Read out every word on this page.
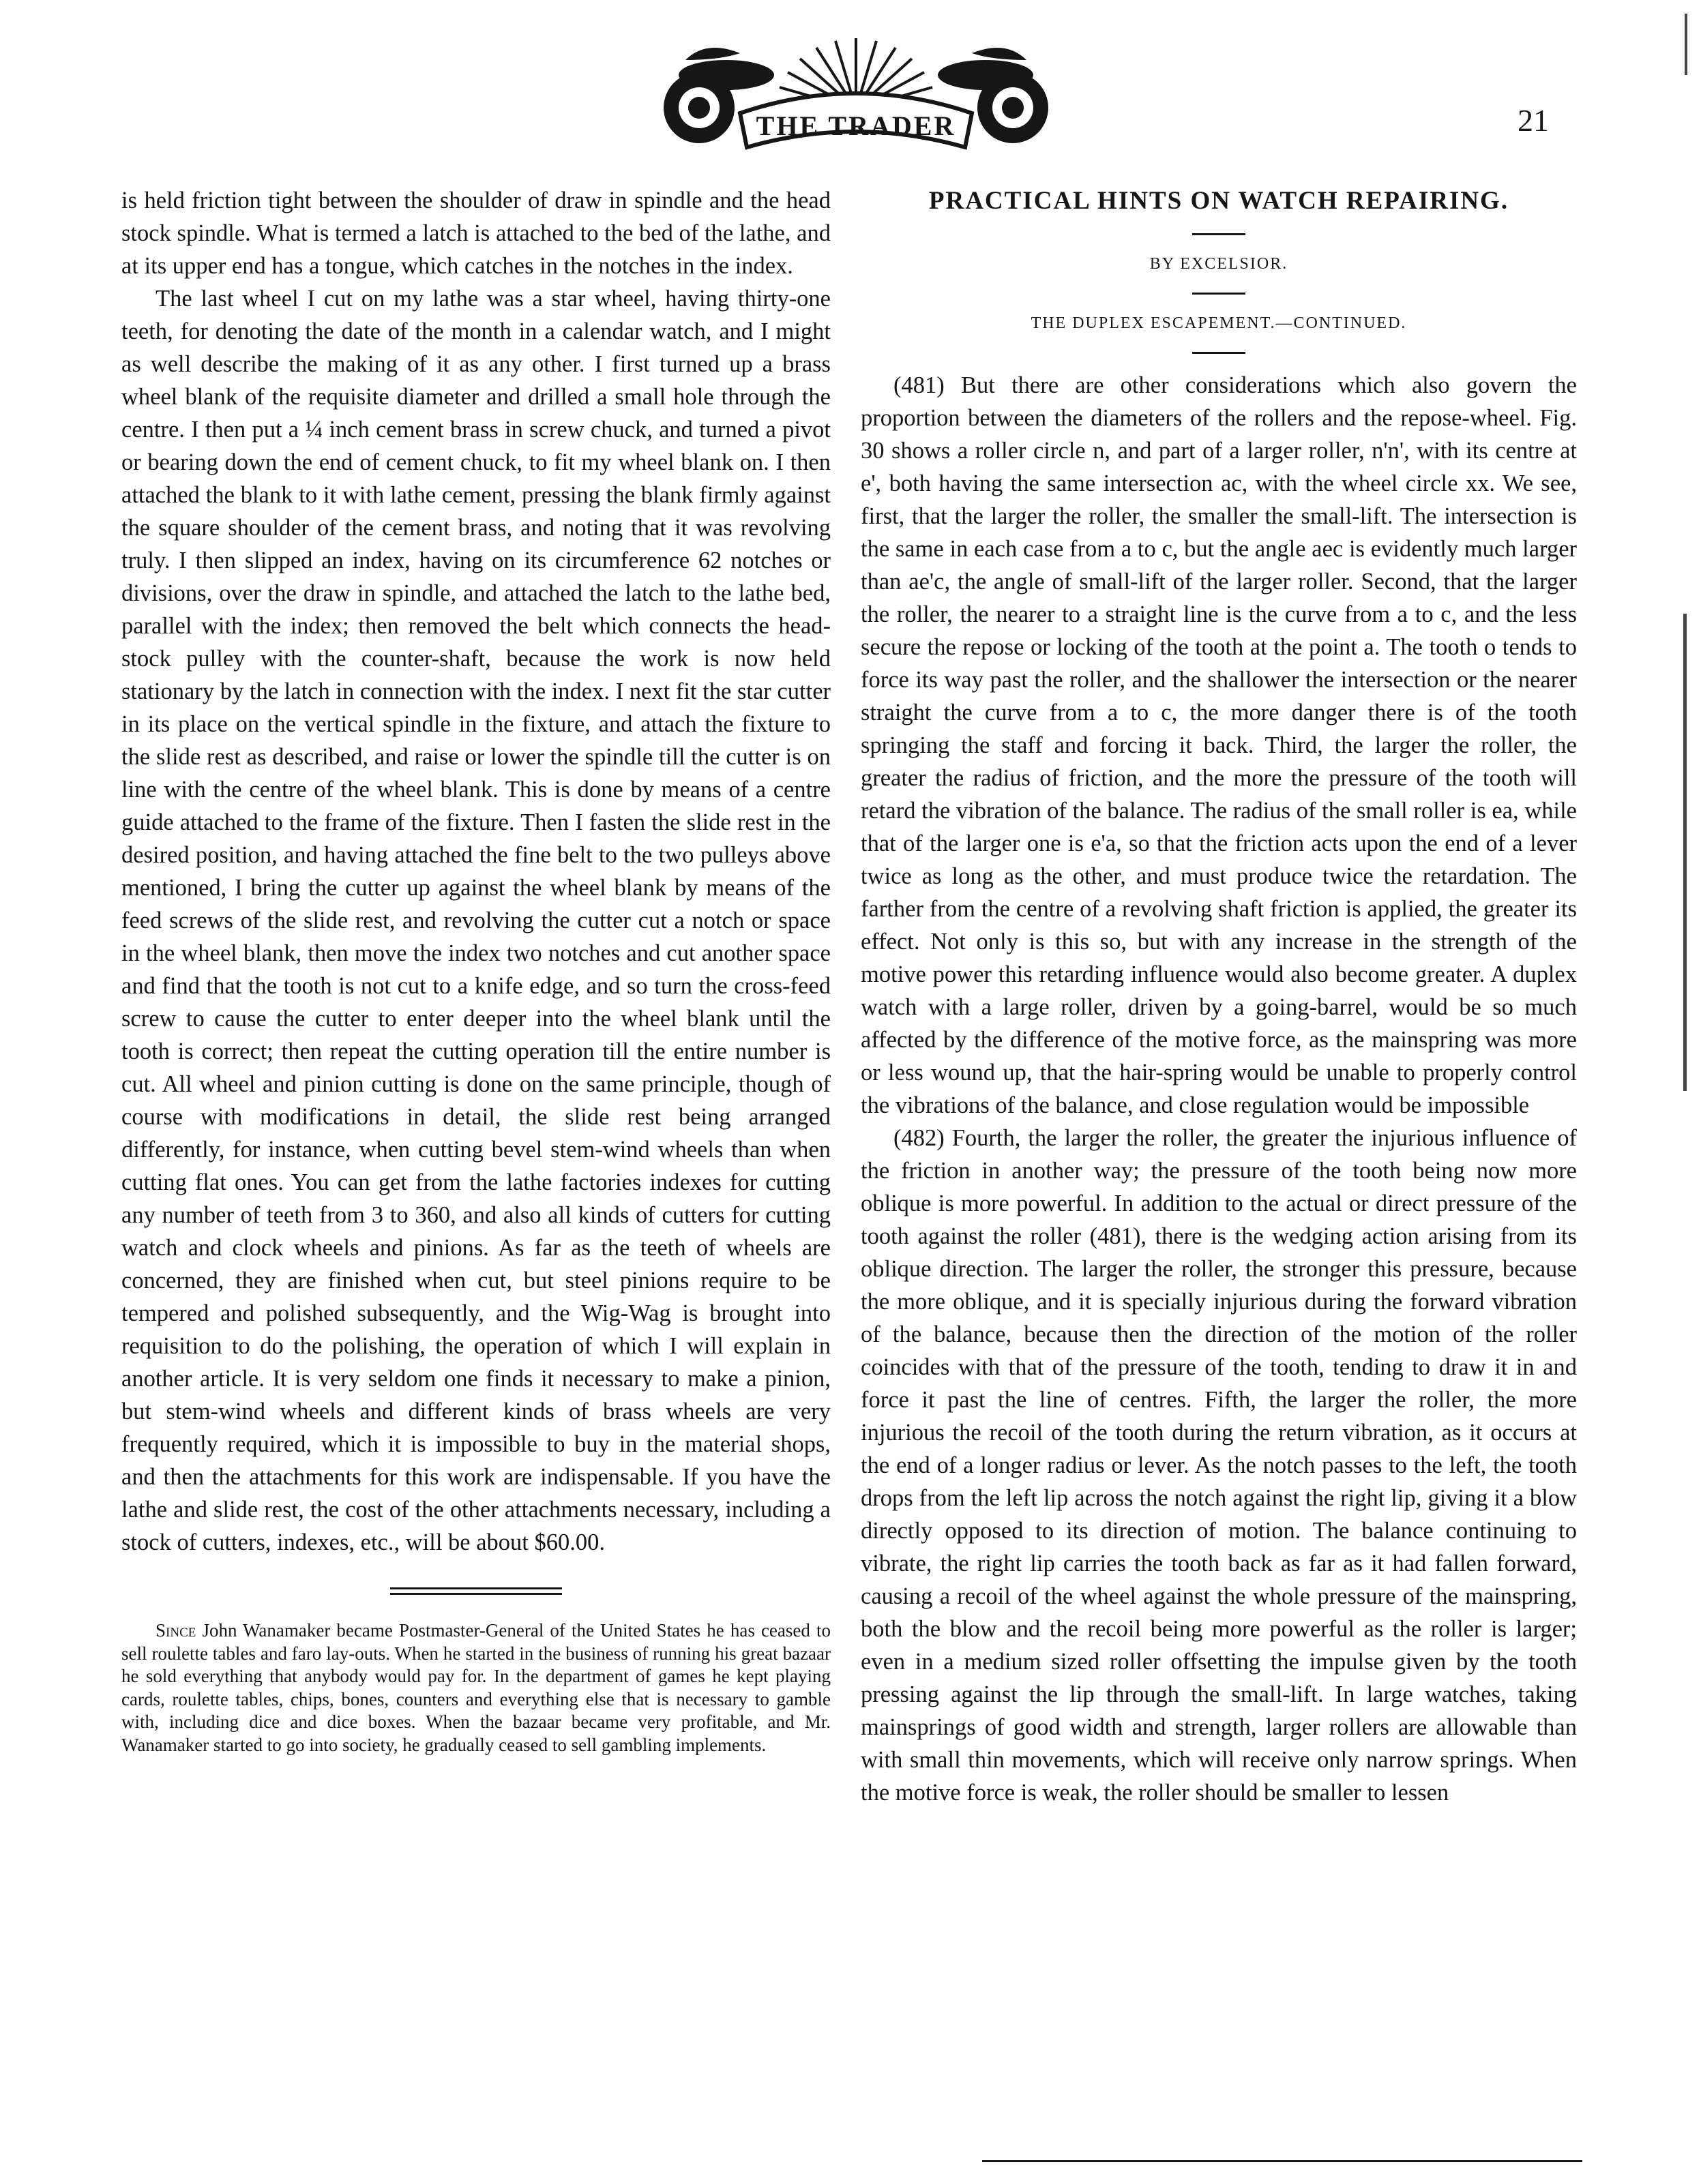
THE TRADER	21

is held friction tight between the shoulder of draw in spindle and the head stock spindle. What is termed a latch is attached to the bed of the lathe, and at its upper end has a tongue, which catches in the notches in the index.

The last wheel I cut on my lathe was a star wheel, having thirty-one teeth, for denoting the date of the month in a calendar watch, and I might as well describe the making of it as any other. I first turned up a brass wheel blank of the requisite diameter and drilled a small hole through the centre. I then put a ¼ inch cement brass in screw chuck, and turned a pivot or bearing down the end of cement chuck, to fit my wheel blank on. I then attached the blank to it with lathe cement, pressing the blank firmly against the square shoulder of the cement brass, and noting that it was revolving truly. I then slipped an index, having on its circumference 62 notches or divisions, over the draw in spindle, and attached the latch to the lathe bed, parallel with the index; then removed the belt which connects the head-stock pulley with the counter-shaft, because the work is now held stationary by the latch in connection with the index. I next fit the star cutter in its place on the vertical spindle in the fixture, and attach the fixture to the slide rest as described, and raise or lower the spindle till the cutter is on line with the centre of the wheel blank. This is done by means of a centre guide attached to the frame of the fixture. Then I fasten the slide rest in the desired position, and having attached the fine belt to the two pulleys above mentioned, I bring the cutter up against the wheel blank by means of the feed screws of the slide rest, and revolving the cutter cut a notch or space in the wheel blank, then move the index two notches and cut another space and find that the tooth is not cut to a knife edge, and so turn the cross-feed screw to cause the cutter to enter deeper into the wheel blank until the tooth is correct; then repeat the cutting operation till the entire number is cut. All wheel and pinion cutting is done on the same principle, though of course with modifications in detail, the slide rest being arranged differently, for instance, when cutting bevel stem-wind wheels than when cutting flat ones. You can get from the lathe factories indexes for cutting any number of teeth from 3 to 360, and also all kinds of cutters for cutting watch and clock wheels and pinions. As far as the teeth of wheels are concerned, they are finished when cut, but steel pinions require to be tempered and polished subsequently, and the Wig-Wag is brought into requisition to do the polishing, the operation of which I will explain in another article. It is very seldom one finds it necessary to make a pinion, but stem-wind wheels and different kinds of brass wheels are very frequently required, which it is impossible to buy in the material shops, and then the attachments for this work are indispensable. If you have the lathe and slide rest, the cost of the other attachments necessary, including a stock of cutters, indexes, etc., will be about $60.00.

Since John Wanamaker became Postmaster-General of the United States he has ceased to sell roulette tables and faro lay-outs. When he started in the business of running his great bazaar he sold everything that anybody would pay for. In the department of games he kept playing cards, roulette tables, chips, bones, counters and everything else that is necessary to gamble with, including dice and dice boxes. When the bazaar became very profitable, and Mr. Wanamaker started to go into society, he gradually ceased to sell gambling implements.

PRACTICAL HINTS ON WATCH REPAIRING.
BY EXCELSIOR.
THE DUPLEX ESCAPEMENT.—CONTINUED.

(481) But there are other considerations which also govern the proportion between the diameters of the rollers and the repose-wheel. Fig. 30 shows a roller circle n, and part of a larger roller, n'n', with its centre at e', both having the same intersection ac, with the wheel circle xx. We see, first, that the larger the roller, the smaller the small-lift. The intersection is the same in each case from a to c, but the angle aec is evidently much larger than ae'c, the angle of small-lift of the larger roller. Second, that the larger the roller, the nearer to a straight line is the curve from a to c, and the less secure the repose or locking of the tooth at the point a. The tooth o tends to force its way past the roller, and the shallower the intersection or the nearer straight the curve from a to c, the more danger there is of the tooth springing the staff and forcing it back. Third, the larger the roller, the greater the radius of friction, and the more the pressure of the tooth will retard the vibration of the balance. The radius of the small roller is ea, while that of the larger one is e'a, so that the friction acts upon the end of a lever twice as long as the other, and must produce twice the retardation. The farther from the centre of a revolving shaft friction is applied, the greater its effect. Not only is this so, but with any increase in the strength of the motive power this retarding influence would also become greater. A duplex watch with a large roller, driven by a going-barrel, would be so much affected by the difference of the motive force, as the mainspring was more or less wound up, that the hair-spring would be unable to properly control the vibrations of the balance, and close regulation would be impossible

(482) Fourth, the larger the roller, the greater the injurious influence of the friction in another way; the pressure of the tooth being now more oblique is more powerful. In addition to the actual or direct pressure of the tooth against the roller (481), there is the wedging action arising from its oblique direction. The larger the roller, the stronger this pressure, because the more oblique, and it is specially injurious during the forward vibration of the balance, because then the direction of the motion of the roller coincides with that of the pressure of the tooth, tending to draw it in and force it past the line of centres. Fifth, the larger the roller, the more injurious the recoil of the tooth during the return vibration, as it occurs at the end of a longer radius or lever. As the notch passes to the left, the tooth drops from the left lip across the notch against the right lip, giving it a blow directly opposed to its direction of motion. The balance continuing to vibrate, the right lip carries the tooth back as far as it had fallen forward, causing a recoil of the wheel against the whole pressure of the mainspring, both the blow and the recoil being more powerful as the roller is larger; even in a medium sized roller offsetting the impulse given by the tooth pressing against the lip through the small-lift. In large watches, taking mainsprings of good width and strength, larger rollers are allowable than with small thin movements, which will receive only narrow springs. When the motive force is weak, the roller should be smaller to lessen
